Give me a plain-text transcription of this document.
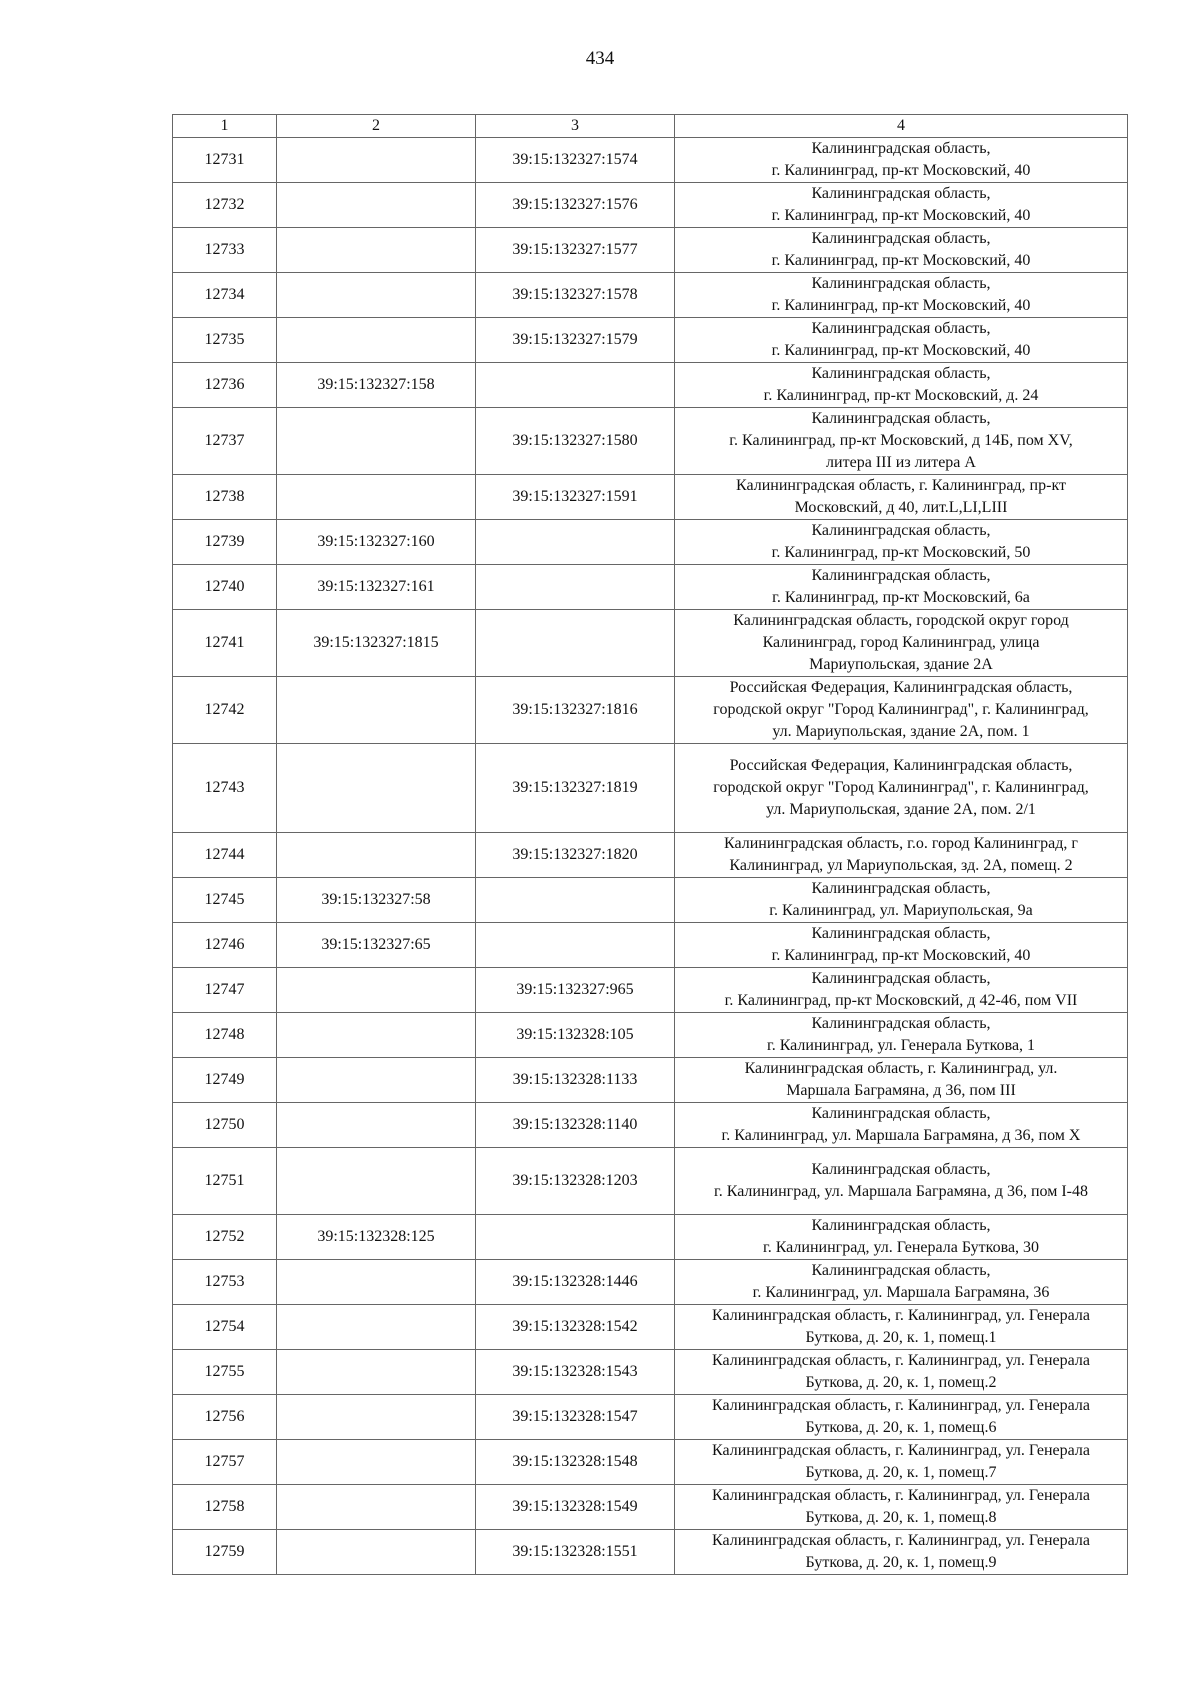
434
1	2	3	4
12731		39:15:132327:1574	Калининградская область,
г. Калининград, пр-кт Московский, 40

12732		39:15:132327:1576	Калининградская область,
г. Калининград, пр-кт Московский, 40

12733		39:15:132327:1577	Калининградская область,
г. Калининград, пр-кт Московский, 40

12734		39:15:132327:1578	Калининградская область,
г. Калининград, пр-кт Московский, 40

12735		39:15:132327:1579	Калининградская область,
г. Калининград, пр-кт Московский, 40

12736	39:15:132327:158		Калининградская область,
г. Калининград, пр-кт Московский, д. 24

12737		39:15:132327:1580	Калининградская область,
г. Калининград, пр-кт Московский, д 14Б, пом XV,
литера III из литера А

12738		39:15:132327:1591	Калининградская область, г. Калининград, пр-кт
Московский, д 40, лит.L,LI,LIII

12739	39:15:132327:160		Калининградская область,
г. Калининград, пр-кт Московский, 50

12740	39:15:132327:161		Калининградская область,
г. Калининград, пр-кт Московский, 6а

12741	39:15:132327:1815		Калининградская область, городской округ город
Калининград, город Калининград, улица
Мариупольская, здание 2А

12742		39:15:132327:1816	Российская Федерация, Калининградская область,
городской округ "Город Калининград", г. Калининград,
ул. Мариупольская, здание 2А, пом. 1

12743		39:15:132327:1819	Российская Федерация, Калининградская область,
городской округ "Город Калининград", г. Калининград,
ул. Мариупольская, здание 2А, пом. 2/1

12744		39:15:132327:1820	Калининградская область, г.о. город Калининград, г
Калининград, ул Мариупольская, зд. 2А, помещ. 2

12745	39:15:132327:58		Калининградская область,
г. Калининград, ул. Мариупольская, 9а

12746	39:15:132327:65		Калининградская область,
г. Калининград, пр-кт Московский, 40

12747		39:15:132327:965	Калининградская область,
г. Калининград, пр-кт Московский, д 42-46, пом VII

12748		39:15:132328:105	Калининградская область,
г. Калининград, ул. Генерала Буткова, 1

12749		39:15:132328:1133	Калининградская область, г. Калининград, ул.
Маршала Баграмяна, д 36, пом III

12750		39:15:132328:1140	Калининградская область,
г. Калининград, ул. Маршала Баграмяна, д 36, пом X

12751		39:15:132328:1203	Калининградская область,
г. Калининград, ул. Маршала Баграмяна, д 36, пом I-48

12752	39:15:132328:125		Калининградская область,
г. Калининград, ул. Генерала Буткова, 30

12753		39:15:132328:1446	Калининградская область,
г. Калининград, ул. Маршала Баграмяна, 36

12754		39:15:132328:1542	Калининградская область, г. Калининград, ул. Генерала
Буткова, д. 20, к. 1, помещ.1

12755		39:15:132328:1543	Калининградская область, г. Калининград, ул. Генерала
Буткова, д. 20, к. 1, помещ.2

12756		39:15:132328:1547	Калининградская область, г. Калининград, ул. Генерала
Буткова, д. 20, к. 1, помещ.6

12757		39:15:132328:1548	Калининградская область, г. Калининград, ул. Генерала
Буткова, д. 20, к. 1, помещ.7

12758		39:15:132328:1549	Калининградская область, г. Калининград, ул. Генерала
Буткова, д. 20, к. 1, помещ.8

12759		39:15:132328:1551	Калининградская область, г. Калининград, ул. Генерала
Буткова, д. 20, к. 1, помещ.9
